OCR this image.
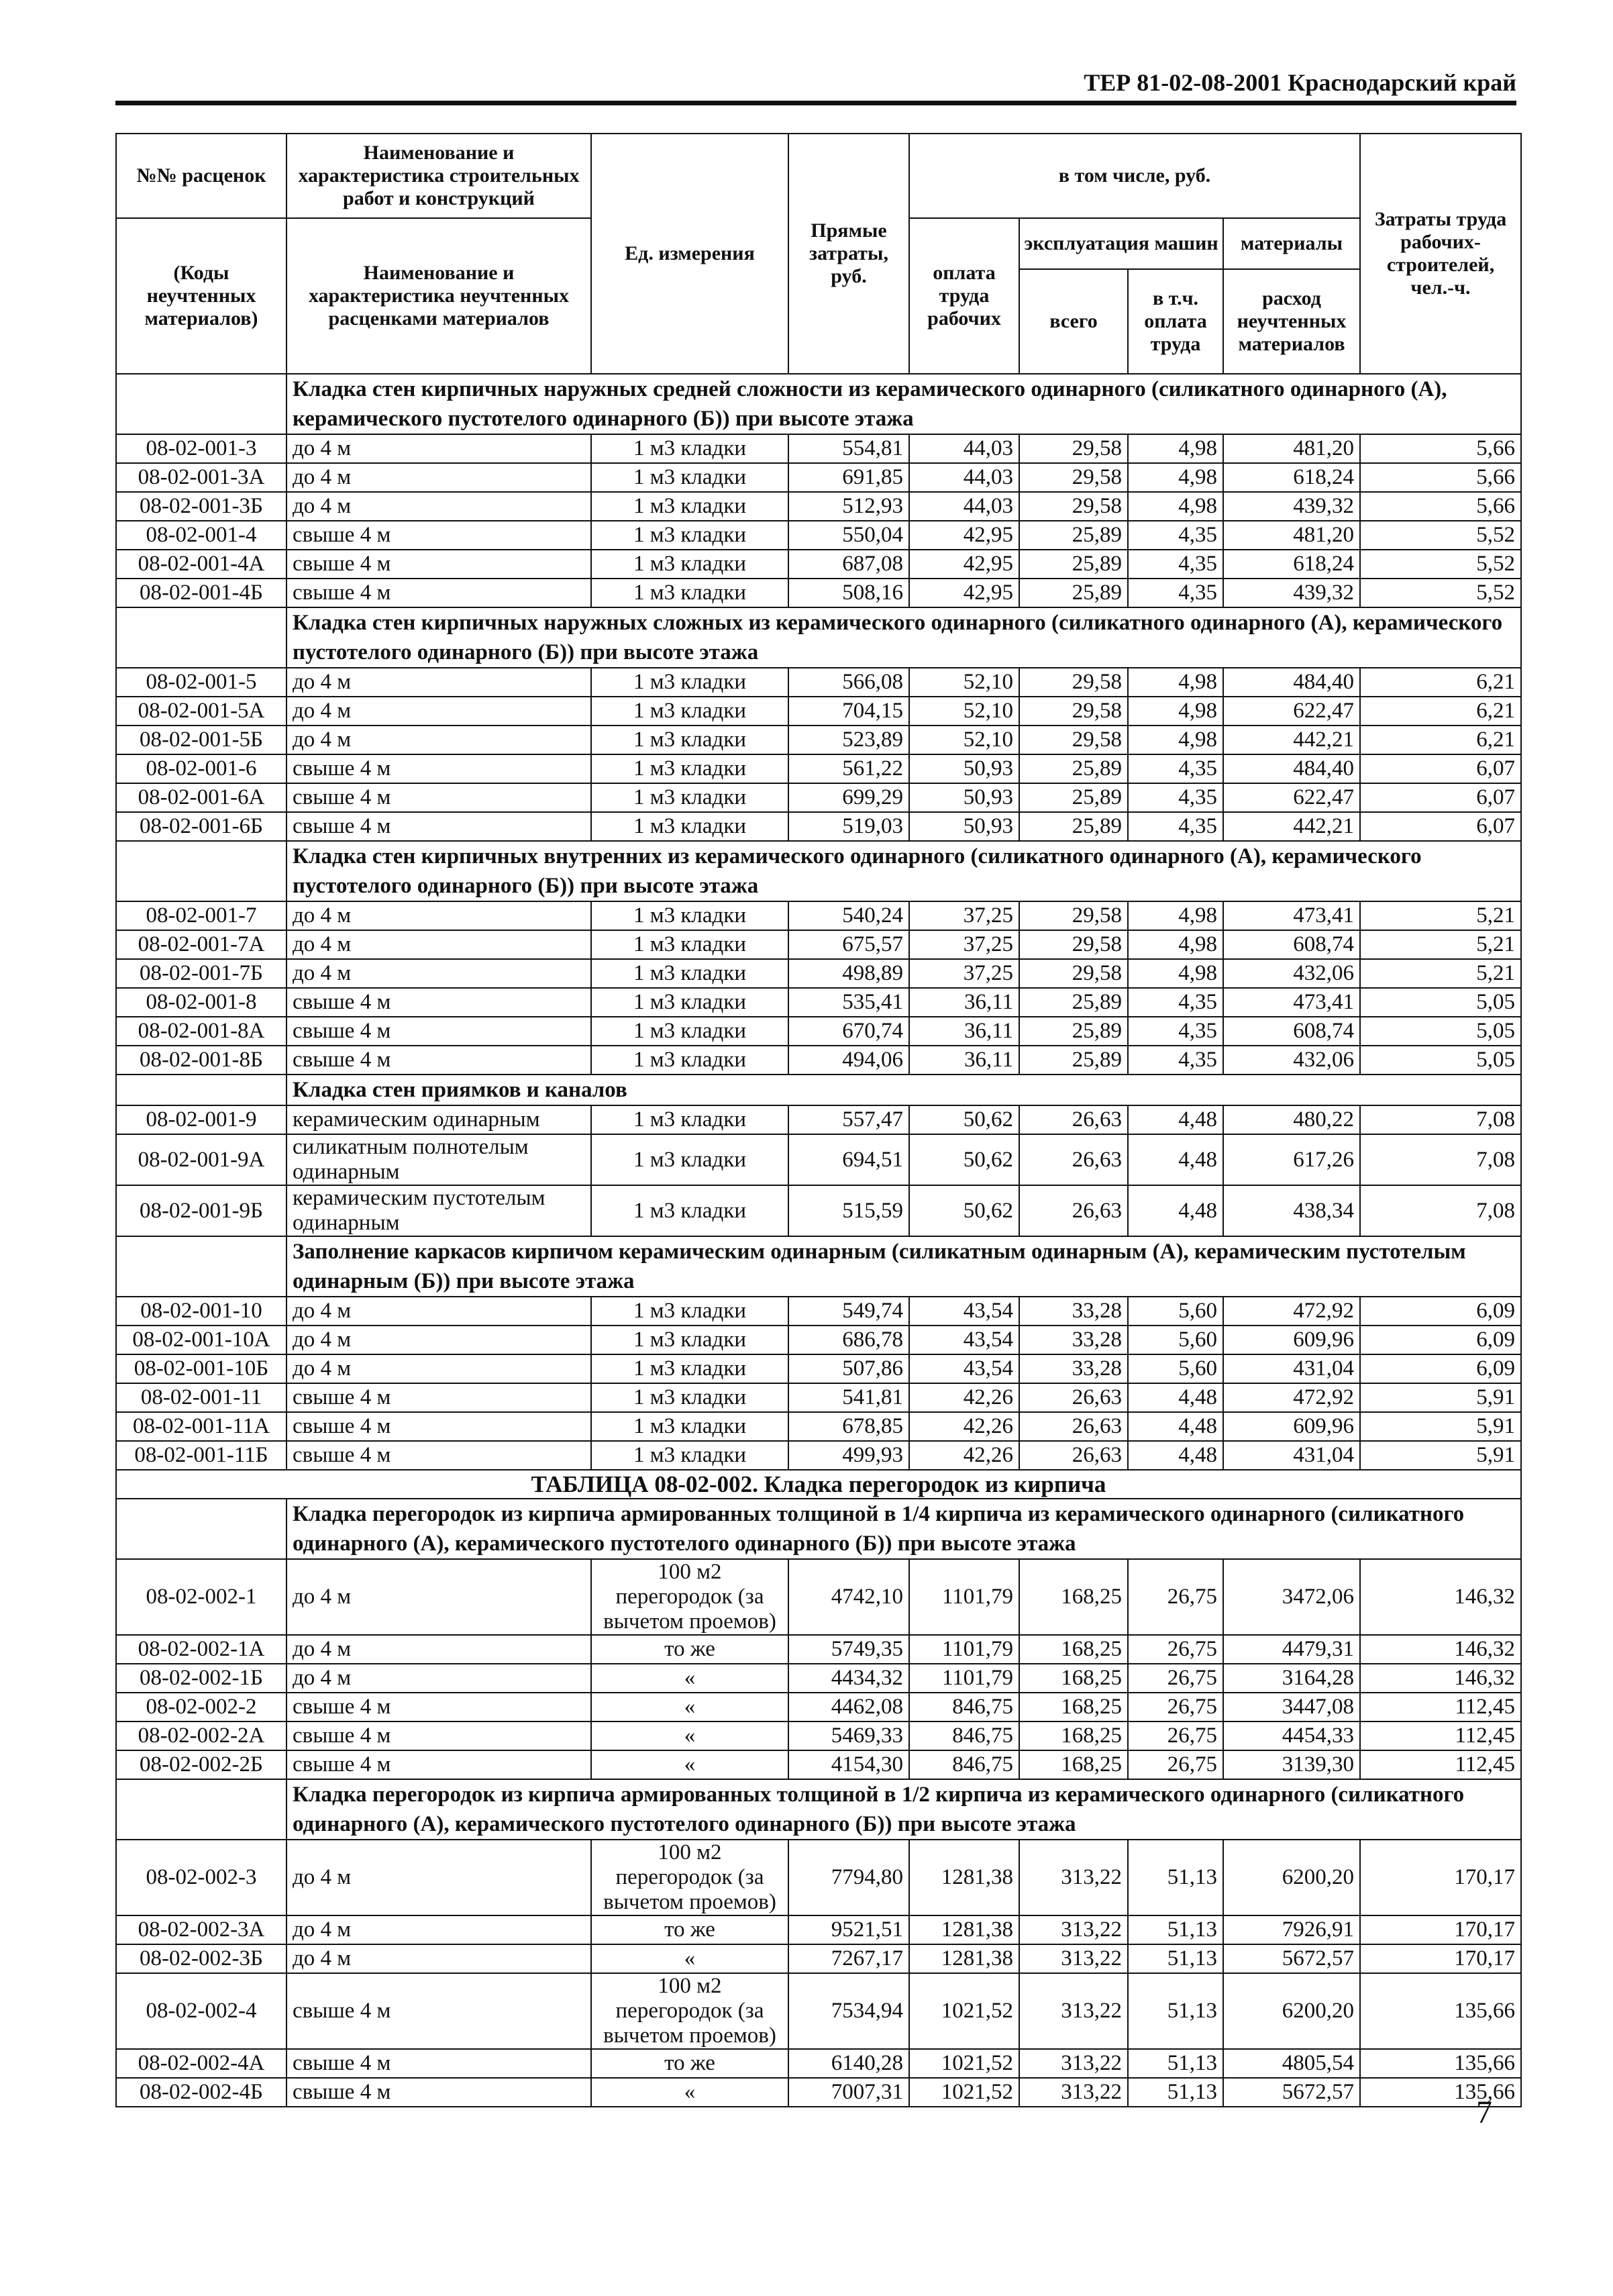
ТЕР 81-02-08-2001 Краснодарский край
№№ расценок	Наименование и характеристика строительных работ и конструкций	Ед. измерения	Прямые затраты, руб.	в том числе, руб.				Затраты труда рабочих-строителей, чел.-ч.
(Коды неучтенных материалов)	Наименование и характеристика неучтенных расценками материалов			оплата труда рабочих	эксплуатация машин		материалы	
					всего	в т.ч. оплата труда	расход неучтенных материалов	

	Кладка стен кирпичных наружных средней сложности из керамического одинарного (силикатного одинарного (А), керамического пустотелого одинарного (Б)) при высоте этажа							
08-02-001-3	до 4 м	1 м3 кладки	554,81	44,03	29,58	4,98	481,20	5,66
08-02-001-3А	до 4 м	1 м3 кладки	691,85	44,03	29,58	4,98	618,24	5,66
08-02-001-3Б	до 4 м	1 м3 кладки	512,93	44,03	29,58	4,98	439,32	5,66
08-02-001-4	свыше 4 м	1 м3 кладки	550,04	42,95	25,89	4,35	481,20	5,52
08-02-001-4А	свыше 4 м	1 м3 кладки	687,08	42,95	25,89	4,35	618,24	5,52
08-02-001-4Б	свыше 4 м	1 м3 кладки	508,16	42,95	25,89	4,35	439,32	5,52
	Кладка стен кирпичных наружных сложных из керамического одинарного (силикатного одинарного (А), керамического пустотелого одинарного (Б)) при высоте этажа							
08-02-001-5	до 4 м	1 м3 кладки	566,08	52,10	29,58	4,98	484,40	6,21
08-02-001-5А	до 4 м	1 м3 кладки	704,15	52,10	29,58	4,98	622,47	6,21
08-02-001-5Б	до 4 м	1 м3 кладки	523,89	52,10	29,58	4,98	442,21	6,21
08-02-001-6	свыше 4 м	1 м3 кладки	561,22	50,93	25,89	4,35	484,40	6,07
08-02-001-6А	свыше 4 м	1 м3 кладки	699,29	50,93	25,89	4,35	622,47	6,07
08-02-001-6Б	свыше 4 м	1 м3 кладки	519,03	50,93	25,89	4,35	442,21	6,07
	Кладка стен кирпичных внутренних из керамического одинарного (силикатного одинарного (А), керамического пустотелого одинарного (Б)) при высоте этажа							
08-02-001-7	до 4 м	1 м3 кладки	540,24	37,25	29,58	4,98	473,41	5,21
08-02-001-7А	до 4 м	1 м3 кладки	675,57	37,25	29,58	4,98	608,74	5,21
08-02-001-7Б	до 4 м	1 м3 кладки	498,89	37,25	29,58	4,98	432,06	5,21
08-02-001-8	свыше 4 м	1 м3 кладки	535,41	36,11	25,89	4,35	473,41	5,05
08-02-001-8А	свыше 4 м	1 м3 кладки	670,74	36,11	25,89	4,35	608,74	5,05
08-02-001-8Б	свыше 4 м	1 м3 кладки	494,06	36,11	25,89	4,35	432,06	5,05
	Кладка стен приямков и каналов							
08-02-001-9	керамическим одинарным	1 м3 кладки	557,47	50,62	26,63	4,48	480,22	7,08
08-02-001-9А	силикатным полнотелым одинарным	1 м3 кладки	694,51	50,62	26,63	4,48	617,26	7,08
08-02-001-9Б	керамическим пустотелым одинарным	1 м3 кладки	515,59	50,62	26,63	4,48	438,34	7,08
	Заполнение каркасов кирпичом керамическим одинарным (силикатным одинарным (А), керамическим пустотелым одинарным (Б)) при высоте этажа							
08-02-001-10	до 4 м	1 м3 кладки	549,74	43,54	33,28	5,60	472,92	6,09
08-02-001-10А	до 4 м	1 м3 кладки	686,78	43,54	33,28	5,60	609,96	6,09
08-02-001-10Б	до 4 м	1 м3 кладки	507,86	43,54	33,28	5,60	431,04	6,09
08-02-001-11	свыше 4 м	1 м3 кладки	541,81	42,26	26,63	4,48	472,92	5,91
08-02-001-11А	свыше 4 м	1 м3 кладки	678,85	42,26	26,63	4,48	609,96	5,91
08-02-001-11Б	свыше 4 м	1 м3 кладки	499,93	42,26	26,63	4,48	431,04	5,91
ТАБЛИЦА 08-02-002. Кладка перегородок из кирпича								
	Кладка перегородок из кирпича армированных толщиной в 1/4 кирпича из керамического одинарного (силикатного одинарного (А), керамического пустотелого одинарного (Б)) при высоте этажа							
08-02-002-1	до 4 м	100 м2 перегородок (за вычетом проемов)	4742,10	1101,79	168,25	26,75	3472,06	146,32
08-02-002-1А	до 4 м	то же	5749,35	1101,79	168,25	26,75	4479,31	146,32
08-02-002-1Б	до 4 м	«	4434,32	1101,79	168,25	26,75	3164,28	146,32
08-02-002-2	свыше 4 м	«	4462,08	846,75	168,25	26,75	3447,08	112,45
08-02-002-2А	свыше 4 м	«	5469,33	846,75	168,25	26,75	4454,33	112,45
08-02-002-2Б	свыше 4 м	«	4154,30	846,75	168,25	26,75	3139,30	112,45
	Кладка перегородок из кирпича армированных толщиной в 1/2 кирпича из керамического одинарного (силикатного одинарного (А), керамического пустотелого одинарного (Б)) при высоте этажа							
08-02-002-3	до 4 м	100 м2 перегородок (за вычетом проемов)	7794,80	1281,38	313,22	51,13	6200,20	170,17
08-02-002-3А	до 4 м	то же	9521,51	1281,38	313,22	51,13	7926,91	170,17
08-02-002-3Б	до 4 м	«	7267,17	1281,38	313,22	51,13	5672,57	170,17
08-02-002-4	свыше 4 м	100 м2 перегородок (за вычетом проемов)	7534,94	1021,52	313,22	51,13	6200,20	135,66
08-02-002-4А	свыше 4 м	то же	6140,28	1021,52	313,22	51,13	4805,54	135,66
08-02-002-4Б	свыше 4 м	«	7007,31	1021,52	313,22	51,13	5672,57	135,66
7
